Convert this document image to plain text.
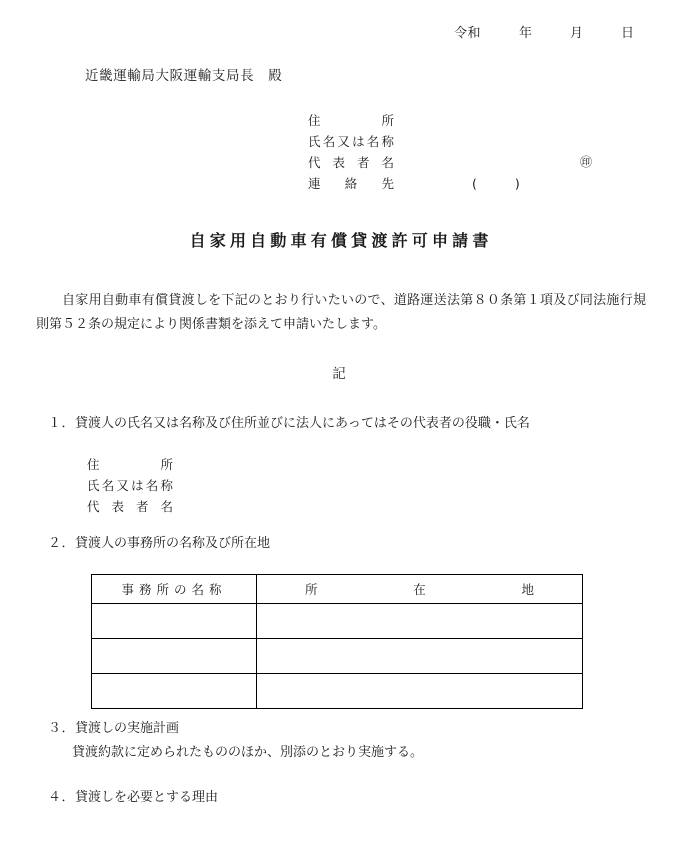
令和	年	月	日
近畿運輸局大阪運輸支局長 殿
住所
氏名又は名称
代表者名	㊞
連絡先	(	)
自家用自動車有償貸渡許可申請書
自家用自動車有償貸渡しを下記のとおり行いたいので、道路運送法第８０条第１項及び同法施行規則第５２条の規定により関係書類を添えて申請いたします。
記
１．貸渡人の氏名又は名称及び住所並びに法人にあってはその代表者の役職・氏名
住所
氏名又は名称
代表者名
２．貸渡人の事務所の名称及び所在地
事務所の名称	所在地

３．貸渡しの実施計画
貸渡約款に定められたもののほか、別添のとおり実施する。
４．貸渡しを必要とする理由
